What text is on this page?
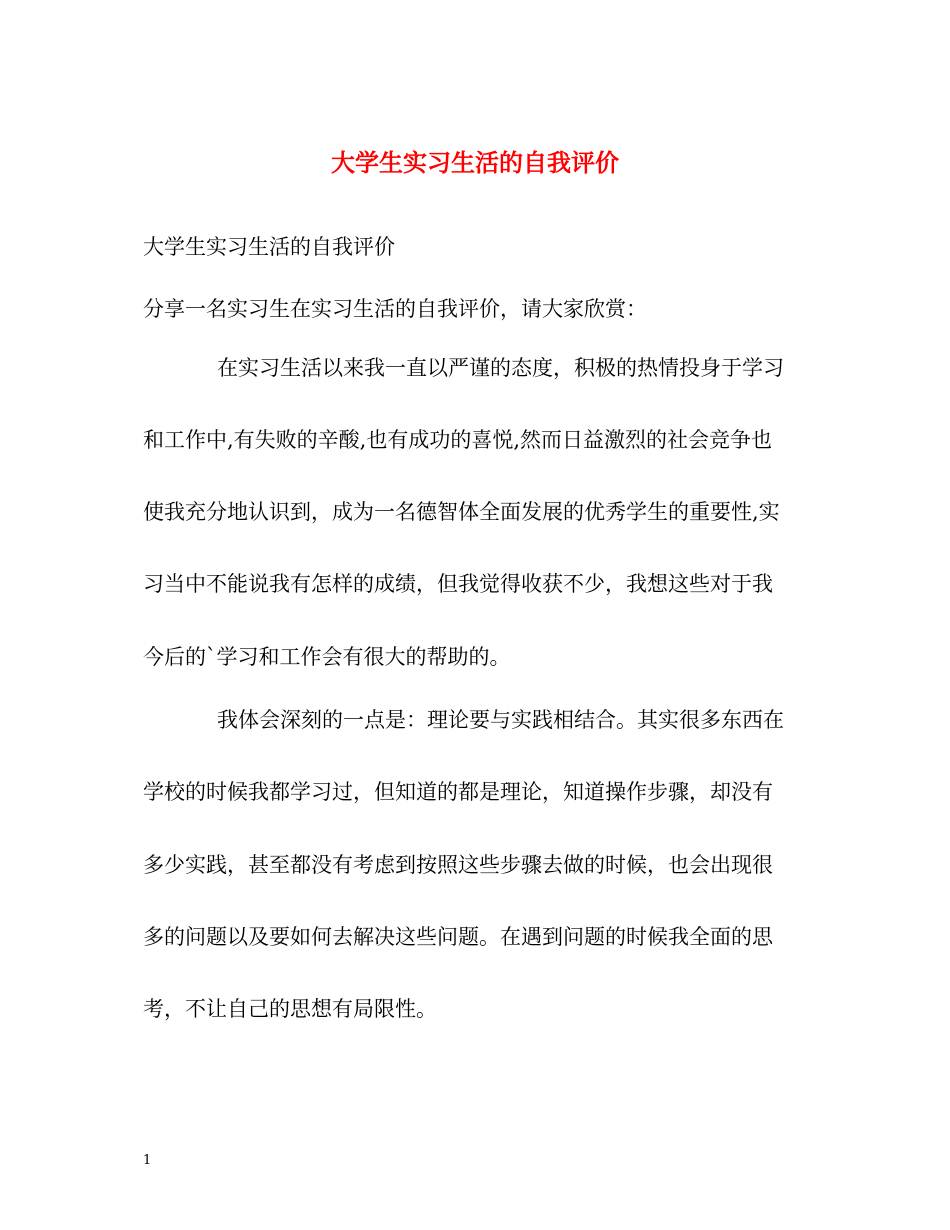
大学生实习生活的自我评价

大学生实习生活的自我评价

分享一名实习生在实习生活的自我评价，请大家欣赏：

在实习生活以来我一直以严谨的态度，积极的热情投身于学习

和工作中,有失败的辛酸,也有成功的喜悦,然而日益激烈的社会竞争也

使我充分地认识到，成为一名德智体全面发展的优秀学生的重要性,实

习当中不能说我有怎样的成绩，但我觉得收获不少，我想这些对于我

今后的`学习和工作会有很大的帮助的。

我体会深刻的一点是：理论要与实践相结合。其实很多东西在

学校的时候我都学习过，但知道的都是理论，知道操作步骤，却没有

多少实践，甚至都没有考虑到按照这些步骤去做的时候，也会出现很

多的问题以及要如何去解决这些问题。在遇到问题的时候我全面的思

考，不让自己的思想有局限性。

1
